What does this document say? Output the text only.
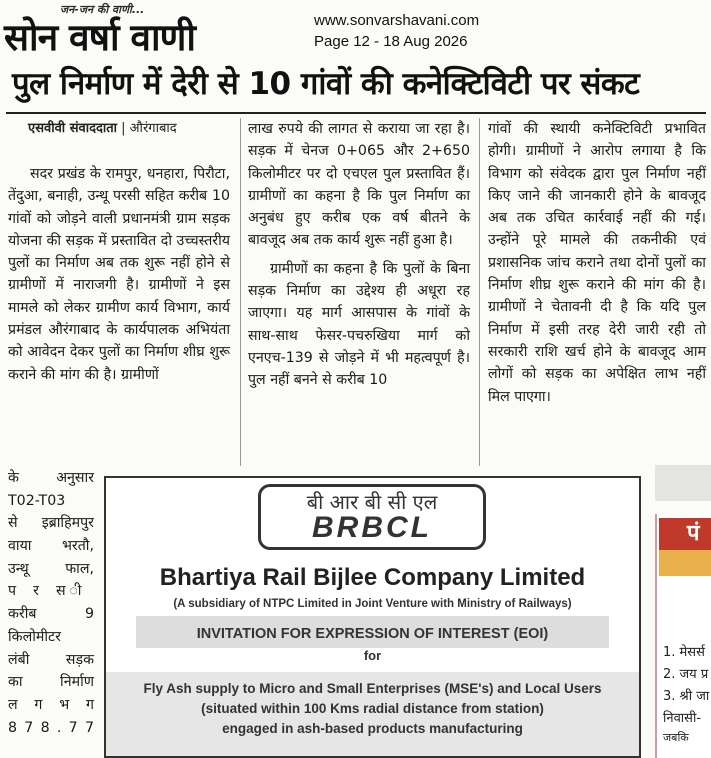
जन-जन की वाणी...
सोन वर्षा वाणी	www.sonvarshavani.com
Page 12 - 18 Aug 2026
पुल निर्माण में देरी से 10 गांवों की कनेक्टिविटी पर संकट
एसवीवी संवाददाता | औरंगाबाद

सदर प्रखंड के रामपुर, धनहारा, पिरौटा, तेंदुआ, बनाही, उन्थू परसी सहित करीब 10 गांवों को जोड़ने वाली प्रधानमंत्री ग्राम सड़क योजना की सड़क में प्रस्तावित दो उच्चस्तरीय पुलों का निर्माण अब तक शुरू नहीं होने से ग्रामीणों में नाराजगी है। ग्रामीणों ने इस मामले को लेकर ग्रामीण कार्य विभाग, कार्य प्रमंडल औरंगाबाद के कार्यपालक अभियंता को आवेदन देकर पुलों का निर्माण शीघ्र शुरू कराने की मांग की है। ग्रामीणों

के अनुसार
T02-T03
से इब्राहिमपुर
वाया भरतौ,
उन्थू फाल,
प र स ी
करीब 9
किलोमीटर
लंबी सड़क
का निर्माण
ल ग भ ग
8 7 8 . 7 7

लाख रुपये की लागत से कराया जा रहा है। सड़क में चेनज 0+065 और 2+650 किलोमीटर पर दो एचएल पुल प्रस्तावित हैं। ग्रामीणों का कहना है कि पुल निर्माण का अनुबंध हुए करीब एक वर्ष बीतने के बावजूद अब तक कार्य शुरू नहीं हुआ है।

ग्रामीणों का कहना है कि पुलों के बिना सड़क निर्माण का उद्देश्य ही अधूरा रह जाएगा। यह मार्ग आसपास के गांवों के साथ-साथ फेसर-पचरुखिया मार्ग को एनएच-139 से जोड़ने में भी महत्वपूर्ण है। पुल नहीं बनने से करीब 10

गांवों की स्थायी कनेक्टिविटी प्रभावित होगी। ग्रामीणों ने आरोप लगाया है कि विभाग को संवेदक द्वारा पुल निर्माण नहीं किए जाने की जानकारी होने के बावजूद अब तक उचित कार्रवाई नहीं की गई। उन्होंने पूरे मामले की तकनीकी एवं प्रशासनिक जांच कराने तथा दोनों पुलों का निर्माण शीघ्र शुरू कराने की मांग की है। ग्रामीणों ने चेतावनी दी है कि यदि पुल निर्माण में इसी तरह देरी जारी रही तो सरकारी राशि खर्च होने के बावजूद आम लोगों को सड़क का अपेक्षित लाभ नहीं मिल पाएगा।

बी आर बी सी एल
BRBCL
Bhartiya Rail Bijlee Company Limited
(A subsidiary of NTPC Limited in Joint Venture with Ministry of Railways)
INVITATION FOR EXPRESSION OF INTEREST (EOI)
for
Fly Ash supply to Micro and Small Enterprises (MSE's) and Local Users
(situated within 100 Kms radial distance from station)
engaged in ash-based products manufacturing
पं
1. मेसर्स
2. जय प्र
3. श्री जा
निवासी-
जबकि
